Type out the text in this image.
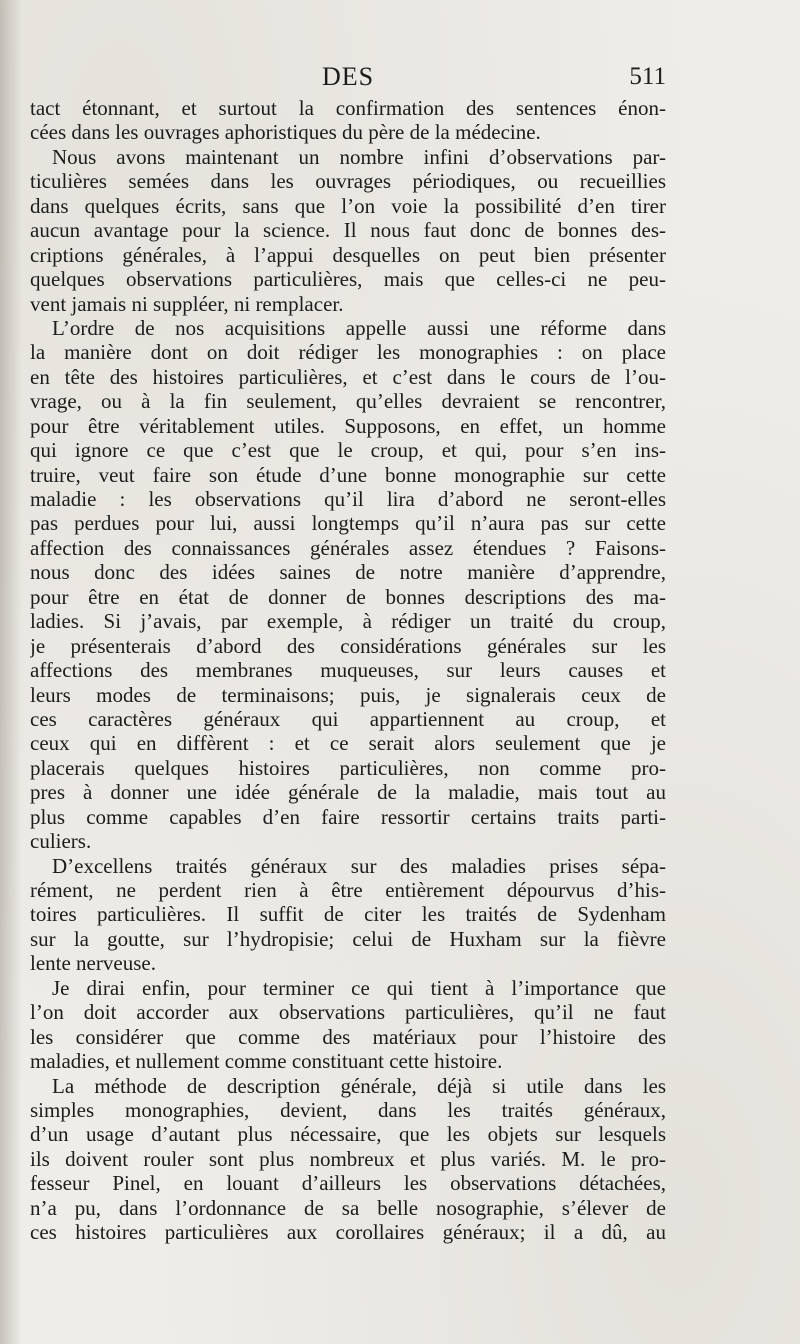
DES	511
tact étonnant, et surtout la confirmation des sentences énon-
cées dans les ouvrages aphoristiques du père de la médecine.
Nous avons maintenant un nombre infini d’observations par-
ticulières semées dans les ouvrages périodiques, ou recueillies
dans quelques écrits, sans que l’on voie la possibilité d’en tirer
aucun avantage pour la science. Il nous faut donc de bonnes des-
criptions générales, à l’appui desquelles on peut bien présenter
quelques observations particulières, mais que celles-ci ne peu-
vent jamais ni suppléer, ni remplacer.
L’ordre de nos acquisitions appelle aussi une réforme dans
la manière dont on doit rédiger les monographies : on place
en tête des histoires particulières, et c’est dans le cours de l’ou-
vrage, ou à la fin seulement, qu’elles devraient se rencontrer,
pour être véritablement utiles. Supposons, en effet, un homme
qui ignore ce que c’est que le croup, et qui, pour s’en ins-
truire, veut faire son étude d’une bonne monographie sur cette
maladie : les observations qu’il lira d’abord ne seront-elles
pas perdues pour lui, aussi longtemps qu’il n’aura pas sur cette
affection des connaissances générales assez étendues ? Faisons-
nous donc des idées saines de notre manière d’apprendre,
pour être en état de donner de bonnes descriptions des ma-
ladies. Si j’avais, par exemple, à rédiger un traité du croup,
je présenterais d’abord des considérations générales sur les
affections des membranes muqueuses, sur leurs causes et
leurs modes de terminaisons; puis, je signalerais ceux de
ces caractères généraux qui appartiennent au croup, et
ceux qui en diffèrent : et ce serait alors seulement que je
placerais quelques histoires particulières, non comme pro-
pres à donner une idée générale de la maladie, mais tout au
plus comme capables d’en faire ressortir certains traits parti-
culiers.
D’excellens traités généraux sur des maladies prises sépa-
rément, ne perdent rien à être entièrement dépourvus d’his-
toires particulières. Il suffit de citer les traités de Sydenham
sur la goutte, sur l’hydropisie; celui de Huxham sur la fièvre
lente nerveuse.
Je dirai enfin, pour terminer ce qui tient à l’importance que
l’on doit accorder aux observations particulières, qu’il ne faut
les considérer que comme des matériaux pour l’histoire des
maladies, et nullement comme constituant cette histoire.
La méthode de description générale, déjà si utile dans les
simples monographies, devient, dans les traités généraux,
d’un usage d’autant plus nécessaire, que les objets sur lesquels
ils doivent rouler sont plus nombreux et plus variés. M. le pro-
fesseur Pinel, en louant d’ailleurs les observations détachées,
n’a pu, dans l’ordonnance de sa belle nosographie, s’élever de
ces histoires particulières aux corollaires généraux; il a dû, au
